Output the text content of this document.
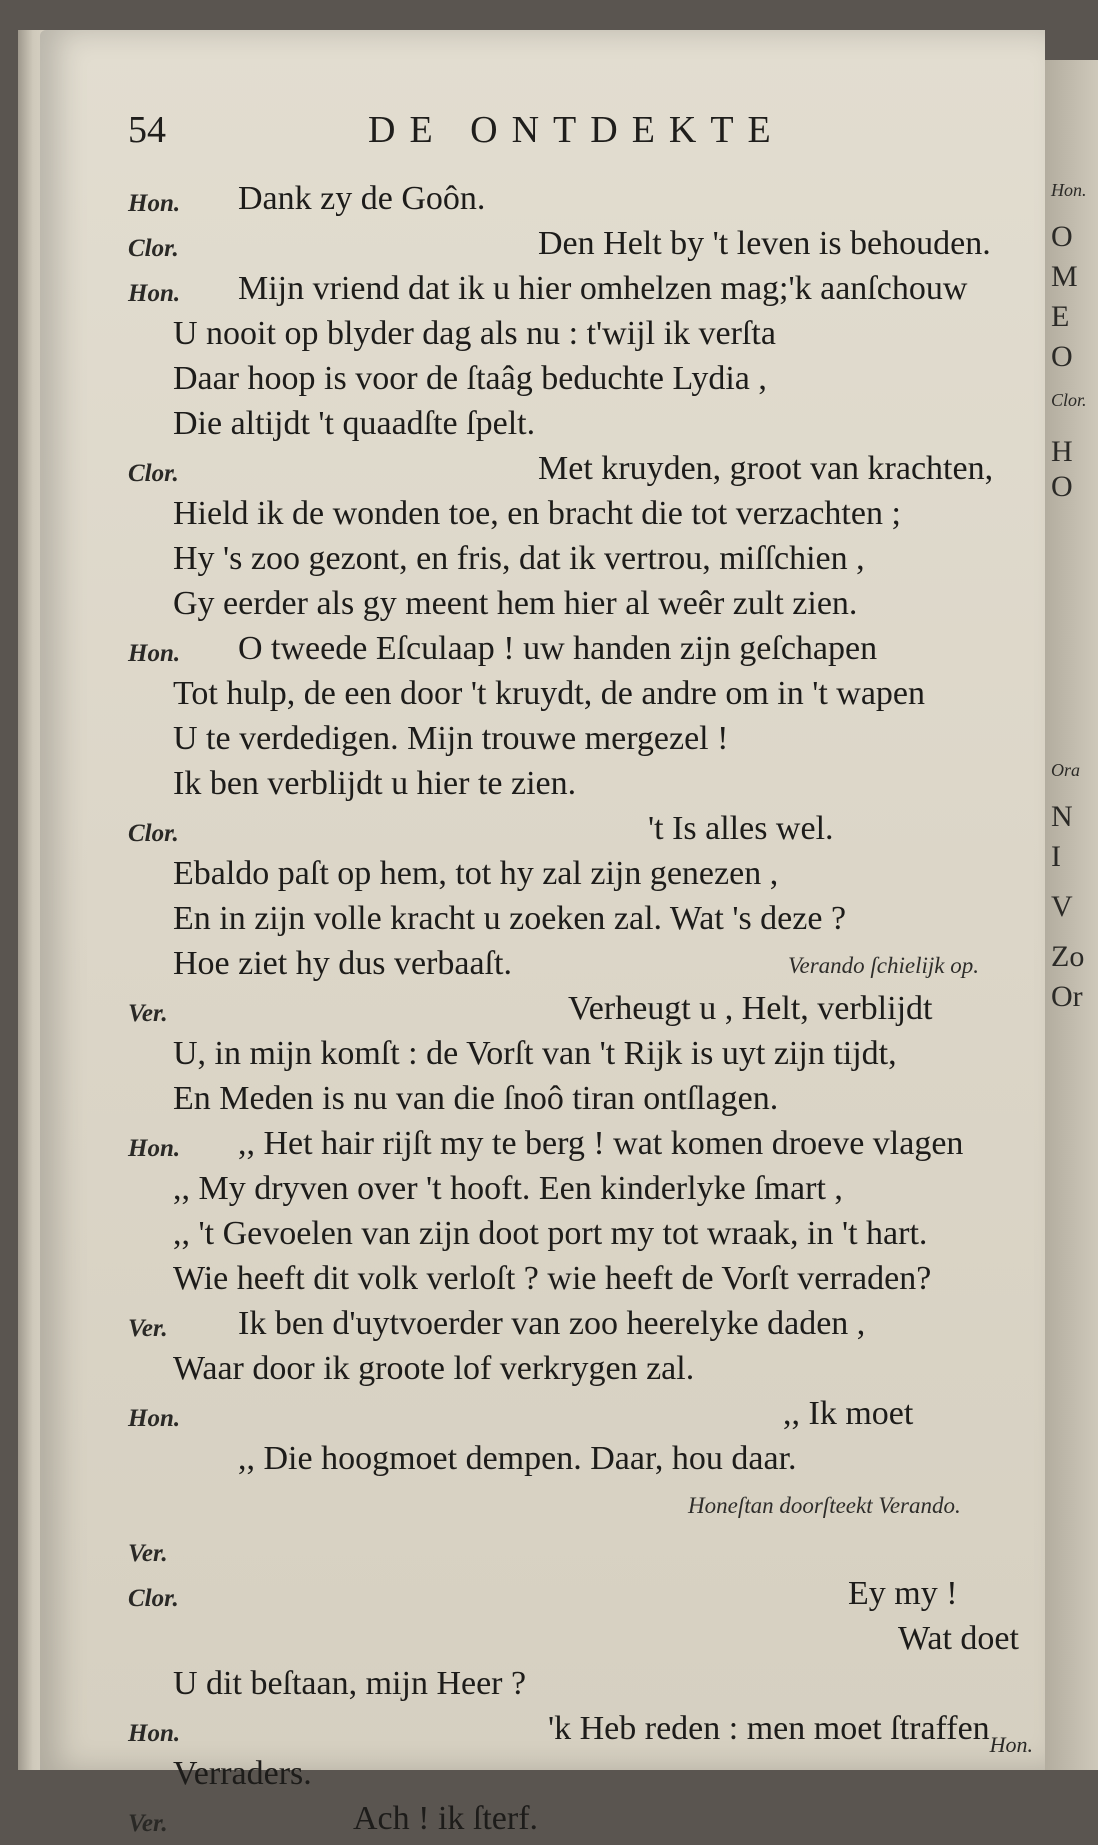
54	DE ONTDEKTE
Hon. Dank zy de Goôn.
Clor.	Den Helt by 't leven is behouden.
Hon. Mijn vriend dat ik u hier omhelzen mag;'k aanſchouw
U nooit op blyder dag als nu : t'wijl ik verſta
Daar hoop is voor de ſtaâg beduchte Lydia ,
Die altijdt 't quaadſte ſpelt.
Clor.	Met kruyden, groot van krachten,
Hield ik de wonden toe, en bracht die tot verzachten ;
Hy 's zoo gezont, en fris, dat ik vertrou, miſſchien ,
Gy eerder als gy meent hem hier al weêr zult zien.
Hon. O tweede Eſculaap ! uw handen zijn geſchapen
Tot hulp, de een door 't kruydt, de andre om in 't wapen
U te verdedigen. Mijn trouwe mergezel !
Ik ben verblijdt u hier te zien.
Clor.	't Is alles wel.
Ebaldo paſt op hem, tot hy zal zijn genezen ,
En in zijn volle kracht u zoeken zal. Wat 's deze ?
Hoe ziet hy dus verbaaſt.	Verando ſchielijk op.
Ver.	Verheugt u , Helt, verblijdt
U, in mijn komſt : de Vorſt van 't Rijk is uyt zijn tijdt,
En Meden is nu van die ſnoô tiran ontſlagen.
Hon. ,, Het hair rijſt my te berg ! wat komen droeve vlagen
,, My dryven over 't hooft. Een kinderlyke ſmart ,
,, 't Gevoelen van zijn doot port my tot wraak, in 't hart.
Wie heeft dit volk verloſt ? wie heeft de Vorſt verraden?
Ver. Ik ben d'uytvoerder van zoo heerelyke daden ,
Waar door ik groote lof verkrygen zal.
Hon.	,, Ik moet
,, Die hoogmoet dempen. Daar, hou daar.
Honeſtan doorſteekt Verando.
Ver.
Clor.	Ey my !
Wat doet
U dit beſtaan, mijn Heer ?
Hon.	'k Heb reden : men moet ſtraffen
Verraders.
Ver.	Ach ! ik ſterf.
Hon.
Hon.
O
M
E
O
Clor.
H
O
Ora
N
I
V
Zo
Or
